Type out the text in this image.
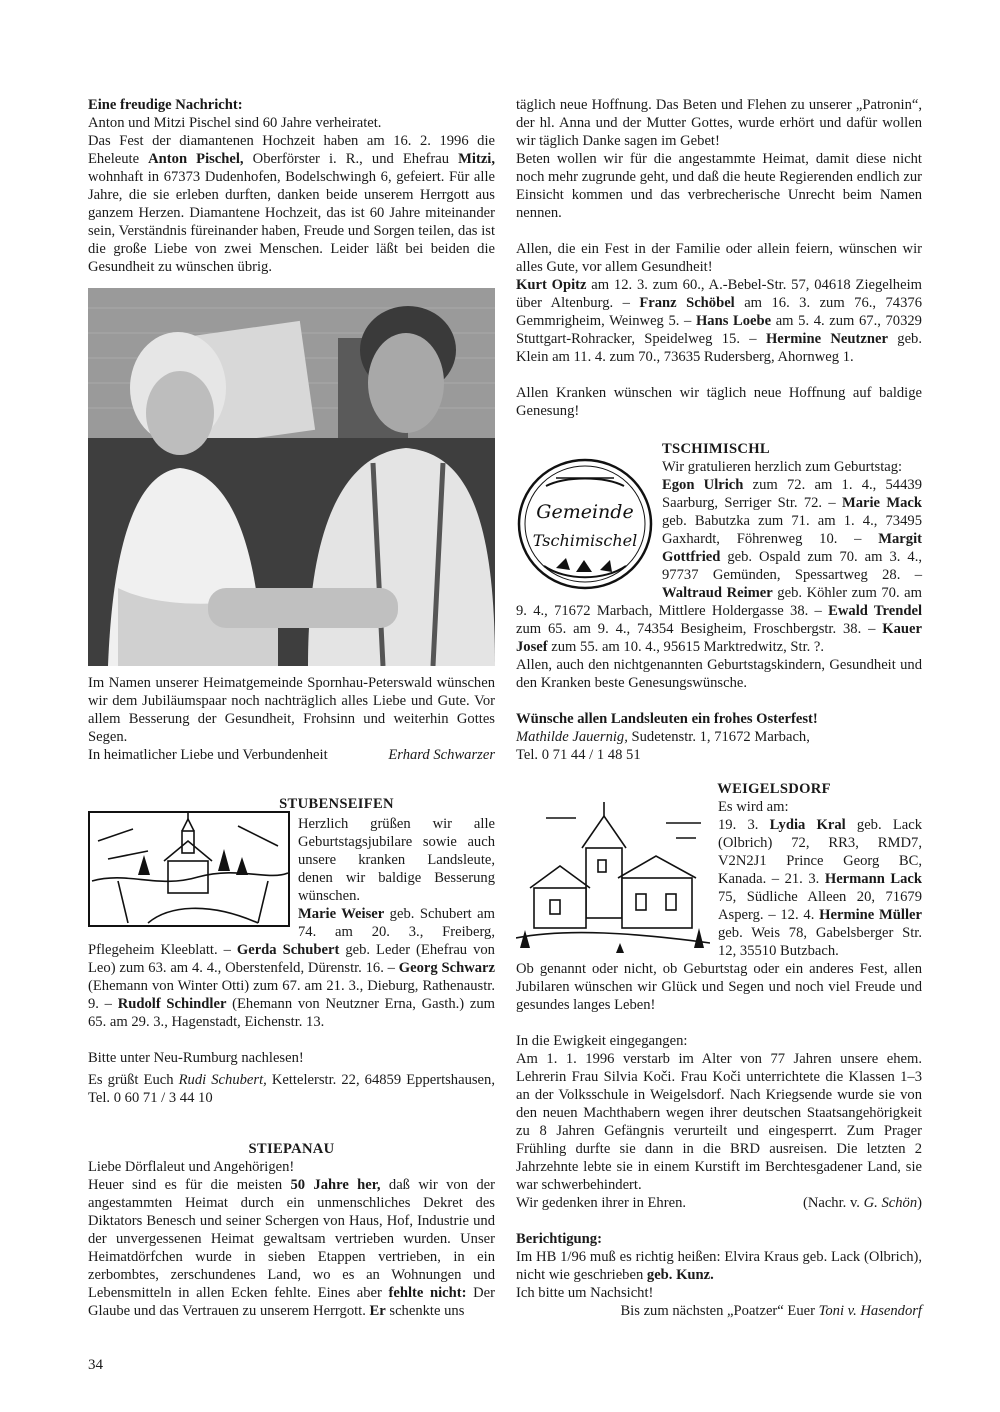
Eine freudige Nachricht:

Anton und Mitzi Pischel sind 60 Jahre verheiratet.

Das Fest der diamantenen Hochzeit haben am 16. 2. 1996 die Eheleute Anton Pischel, Oberförster i. R., und Ehefrau Mitzi, wohnhaft in 67373 Dudenhofen, Bodelschwingh 6, gefeiert. Für alle Jahre, die sie erleben durften, danken beide unserem Herrgott aus ganzem Herzen. Diamantene Hochzeit, das ist 60 Jahre miteinander sein, Verständnis füreinander haben, Freude und Sorgen teilen, das ist die große Liebe von zwei Menschen. Leider läßt bei beiden die Gesundheit zu wünschen übrig.

Im Namen unserer Heimatgemeinde Spornhau-Peterswald wünschen wir dem Jubiläumspaar noch nachträglich alles Liebe und Gute. Vor allem Besserung der Gesundheit, Frohsinn und weiterhin Gottes Segen.

In heimatlicher Liebe und Verbundenheit	Erhard Schwarzer

STUBENSEIFEN

Herzlich grüßen wir alle Geburtstagsjubilare sowie auch unsere kranken Landsleute, denen wir baldige Besserung wünschen.

Marie Weiser geb. Schubert am 74. am 20. 3., Freiberg, Pflegeheim Kleeblatt. – Gerda Schubert geb. Leder (Ehefrau von Leo) zum 63. am 4. 4., Oberstenfeld, Dürenstr. 16. – Georg Schwarz (Ehemann von Winter Otti) zum 67. am 21. 3., Dieburg, Rathenaustr. 9. – Rudolf Schindler (Ehemann von Neutzner Erna, Gasth.) zum 65. am 29. 3., Hagenstadt, Eichenstr. 13.

Bitte unter Neu-Rumburg nachlesen!

Es grüßt Euch Rudi Schubert, Kettelerstr. 22, 64859 Eppertshausen, Tel. 0 60 71 / 3 44 10

STIEPANAU

Liebe Dörflaleut und Angehörigen!

Heuer sind es für die meisten 50 Jahre her, daß wir von der angestammten Heimat durch ein unmenschliches Dekret des Diktators Benesch und seiner Schergen von Haus, Hof, Industrie und der unvergessenen Heimat gewaltsam vertrieben wurden. Unser Heimatdörfchen wurde in sieben Etappen vertrieben, in ein zerbombtes, zerschundenes Land, wo es an Wohnungen und Lebensmitteln in allen Ecken fehlte. Eines aber fehlte nicht: Der Glaube und das Vertrauen zu unserem Herrgott. Er schenkte uns

täglich neue Hoffnung. Das Beten und Flehen zu unserer „Patronin“, der hl. Anna und der Mutter Gottes, wurde erhört und dafür wollen wir täglich Danke sagen im Gebet!

Beten wollen wir für die angestammte Heimat, damit diese nicht noch mehr zugrunde geht, und daß die heute Regierenden endlich zur Einsicht kommen und das verbrecherische Unrecht beim Namen nennen.

Allen, die ein Fest in der Familie oder allein feiern, wünschen wir alles Gute, vor allem Gesundheit!

Kurt Opitz am 12. 3. zum 60., A.-Bebel-Str. 57, 04618 Ziegelheim über Altenburg. – Franz Schöbel am 16. 3. zum 76., 74376 Gemmrigheim, Weinweg 5. – Hans Loebe am 5. 4. zum 67., 70329 Stuttgart-Rohracker, Speidelweg 15. – Hermine Neutzner geb. Klein am 11. 4. zum 70., 73635 Rudersberg, Ahornweg 1.

Allen Kranken wünschen wir täglich neue Hoffnung auf baldige Genesung!

TSCHIMISCHL
Gemeinde
Tschimischel

Wir gratulieren herzlich zum Geburtstag:

Egon Ulrich zum 72. am 1. 4., 54439 Saarburg, Serriger Str. 72. – Marie Mack geb. Babutzka zum 71. am 1. 4., 73495 Gaxhardt, Föhrenweg 10. – Margit Gottfried geb. Ospald zum 70. am 3. 4., 97737 Gemünden, Spessartweg 28. – Waltraud Reimer geb. Köhler zum 70. am 9. 4., 71672 Marbach, Mittlere Holdergasse 38. – Ewald Trendel zum 65. am 9. 4., 74354 Besigheim, Froschbergstr. 38. – Kauer Josef zum 55. am 10. 4., 95615 Marktredwitz, Str. ?.

Allen, auch den nichtgenannten Geburtstagskindern, Gesundheit und den Kranken beste Genesungswünsche.

Wünsche allen Landsleuten ein frohes Osterfest!

Mathilde Jauernig, Sudetenstr. 1, 71672 Marbach,

Tel. 0 71 44 / 1 48 51

WEIGELSDORF

Es wird am:

19. 3. Lydia Kral geb. Lack (Olbrich) 72, RR3, RMD7, V2N2J1 Prince Georg BC, Kanada. – 21. 3. Hermann Lack 75, Südliche Alleen 20, 71679 Asperg. – 12. 4. Hermine Müller geb. Weis 78, Gabelsberger Str. 12, 35510 Butzbach.

Ob genannt oder nicht, ob Geburtstag oder ein anderes Fest, allen Jubilaren wünschen wir Glück und Segen und noch viel Freude und gesundes langes Leben!

In die Ewigkeit eingegangen:

Am 1. 1. 1996 verstarb im Alter von 77 Jahren unsere ehem. Lehrerin Frau Silvia Koči. Frau Koči unterrichtete die Klassen 1–3 an der Volksschule in Weigelsdorf. Nach Kriegsende wurde sie von den neuen Machthabern wegen ihrer deutschen Staatsangehörigkeit zu 8 Jahren Gefängnis verurteilt und eingesperrt. Zum Prager Frühling durfte sie dann in die BRD ausreisen. Die letzten 2 Jahrzehnte lebte sie in einem Kurstift im Berchtesgadener Land, sie war schwerbehindert.

Wir gedenken ihrer in Ehren.	(Nachr. v. G. Schön)

Berichtigung:

Im HB 1/96 muß es richtig heißen: Elvira Kraus geb. Lack (Olbrich), nicht wie geschrieben geb. Kunz.

Ich bitte um Nachsicht!

Bis zum nächsten „Poatzer“ Euer Toni v. Hasendorf

34
